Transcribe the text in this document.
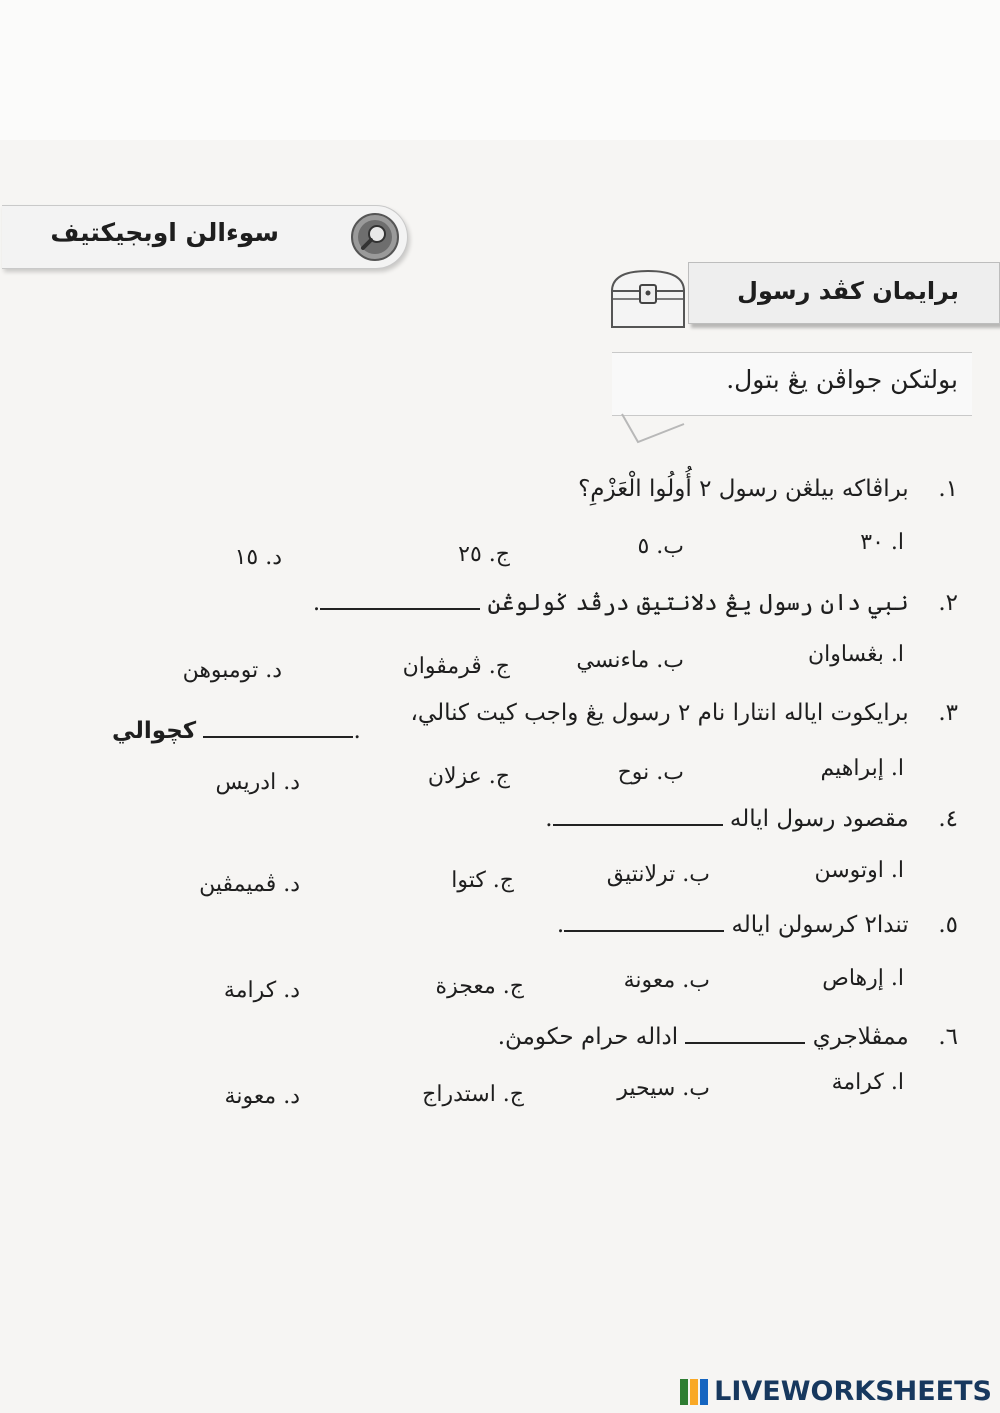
سوءالن اوبجيكتيف
برايمان كڤد رسول
بولتكن جواڤن يڠ بتول.
١. براڤاكه بيلڠن رسول ٢ أُولُوا الْعَزْمِ؟
ا. ٣٠
ب. ٥
ج. ٢٥
د. ١٥
٢. نبي دان رسول يڠ دلانتيق درڤد ݢولوڠن .
ا. بڠساوان
ب. ماءنسي
ج. ڤرمڤوان
د. تومبوهن
٣. برايكوت اياله انتارا نام ٢ رسول يڠ واجب كيت كنالي،
. كچوالي
ا. إبراهيم
ب. نوح
ج. عزلان
د. ادريس
٤. مقصود رسول اياله .
ا. اوتوسن
ب. ترلانتيق
ج. كتوا
د. ڤميمڤين
٥. تندا٢ كرسولن اياله .
ا. إرهاص
ب. معونة
ج. معجزة
د. كرامة
٦. ممڤلاجري  اداله حرام حكومڽ.
ا. كرامة
ب. سيحير
ج. استدراج
د. معونة
LIVEWORKSHEETS
